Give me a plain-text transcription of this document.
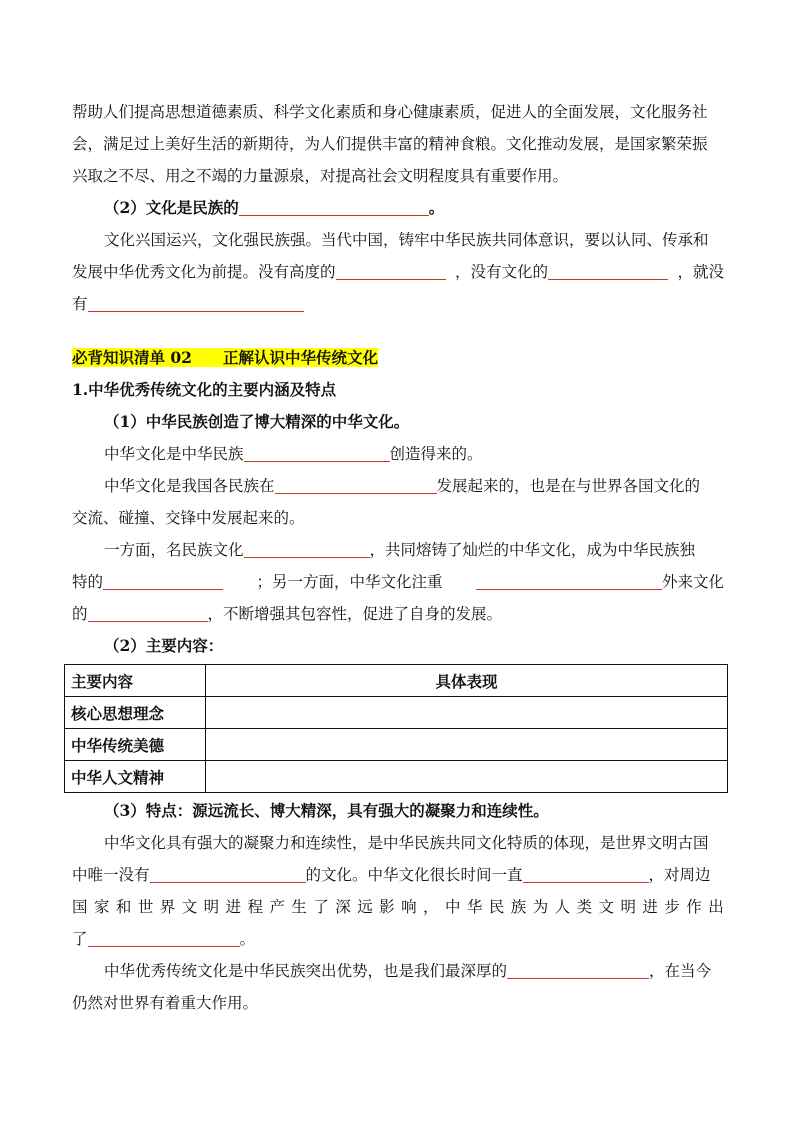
帮助人们提高思想道德素质、科学文化素质和身心健康素质，促进人的全面发展，文化服务社
会，满足过上美好生活的新期待，为人们提供丰富的精神食粮。文化推动发展，是国家繁荣振
兴取之不尽、用之不竭的力量源泉，对提高社会文明程度具有重要作用。
（2）文化是民族的	。
文化兴国运兴，文化强民族强。当代中国，铸牢中华民族共同体意识，要以认同、传承和
发展中华优秀文化为前提。没有高度的	，没有文化的	，就没
有
必背知识清单 02　　正解认识中华传统文化
1.中华优秀传统文化的主要内涵及特点
（1）中华民族创造了博大精深的中华文化。
中华文化是中华民族	创造得来的。
中华文化是我国各民族在	发展起来的，也是在与世界各国文化的
交流、碰撞、交锋中发展起来的。
一方面，名民族文化	，共同熔铸了灿烂的中华文化，成为中华民族独
特的	；另一方面，中华文化注重	外来文化
的	，不断增强其包容性，促进了自身的发展。
（2）主要内容：
主要内容	具体表现
核心思想理念	
中华传统美德	
中华人文精神	
（3）特点：源远流长、博大精深，具有强大的凝聚力和连续性。
中华文化具有强大的凝聚力和连续性，是中华民族共同文化特质的体现，是世界文明古国
中唯一没有	的文化。中华文化很长时间一直	，对周边
国 家 和 世 界 文 明 进 程 产 生 了 深 远 影 响 ， 中 华 民 族 为 人 类 文 明 进 步 作 出
了	。
中华优秀传统文化是中华民族突出优势，也是我们最深厚的	，在当今
仍然对世界有着重大作用。
